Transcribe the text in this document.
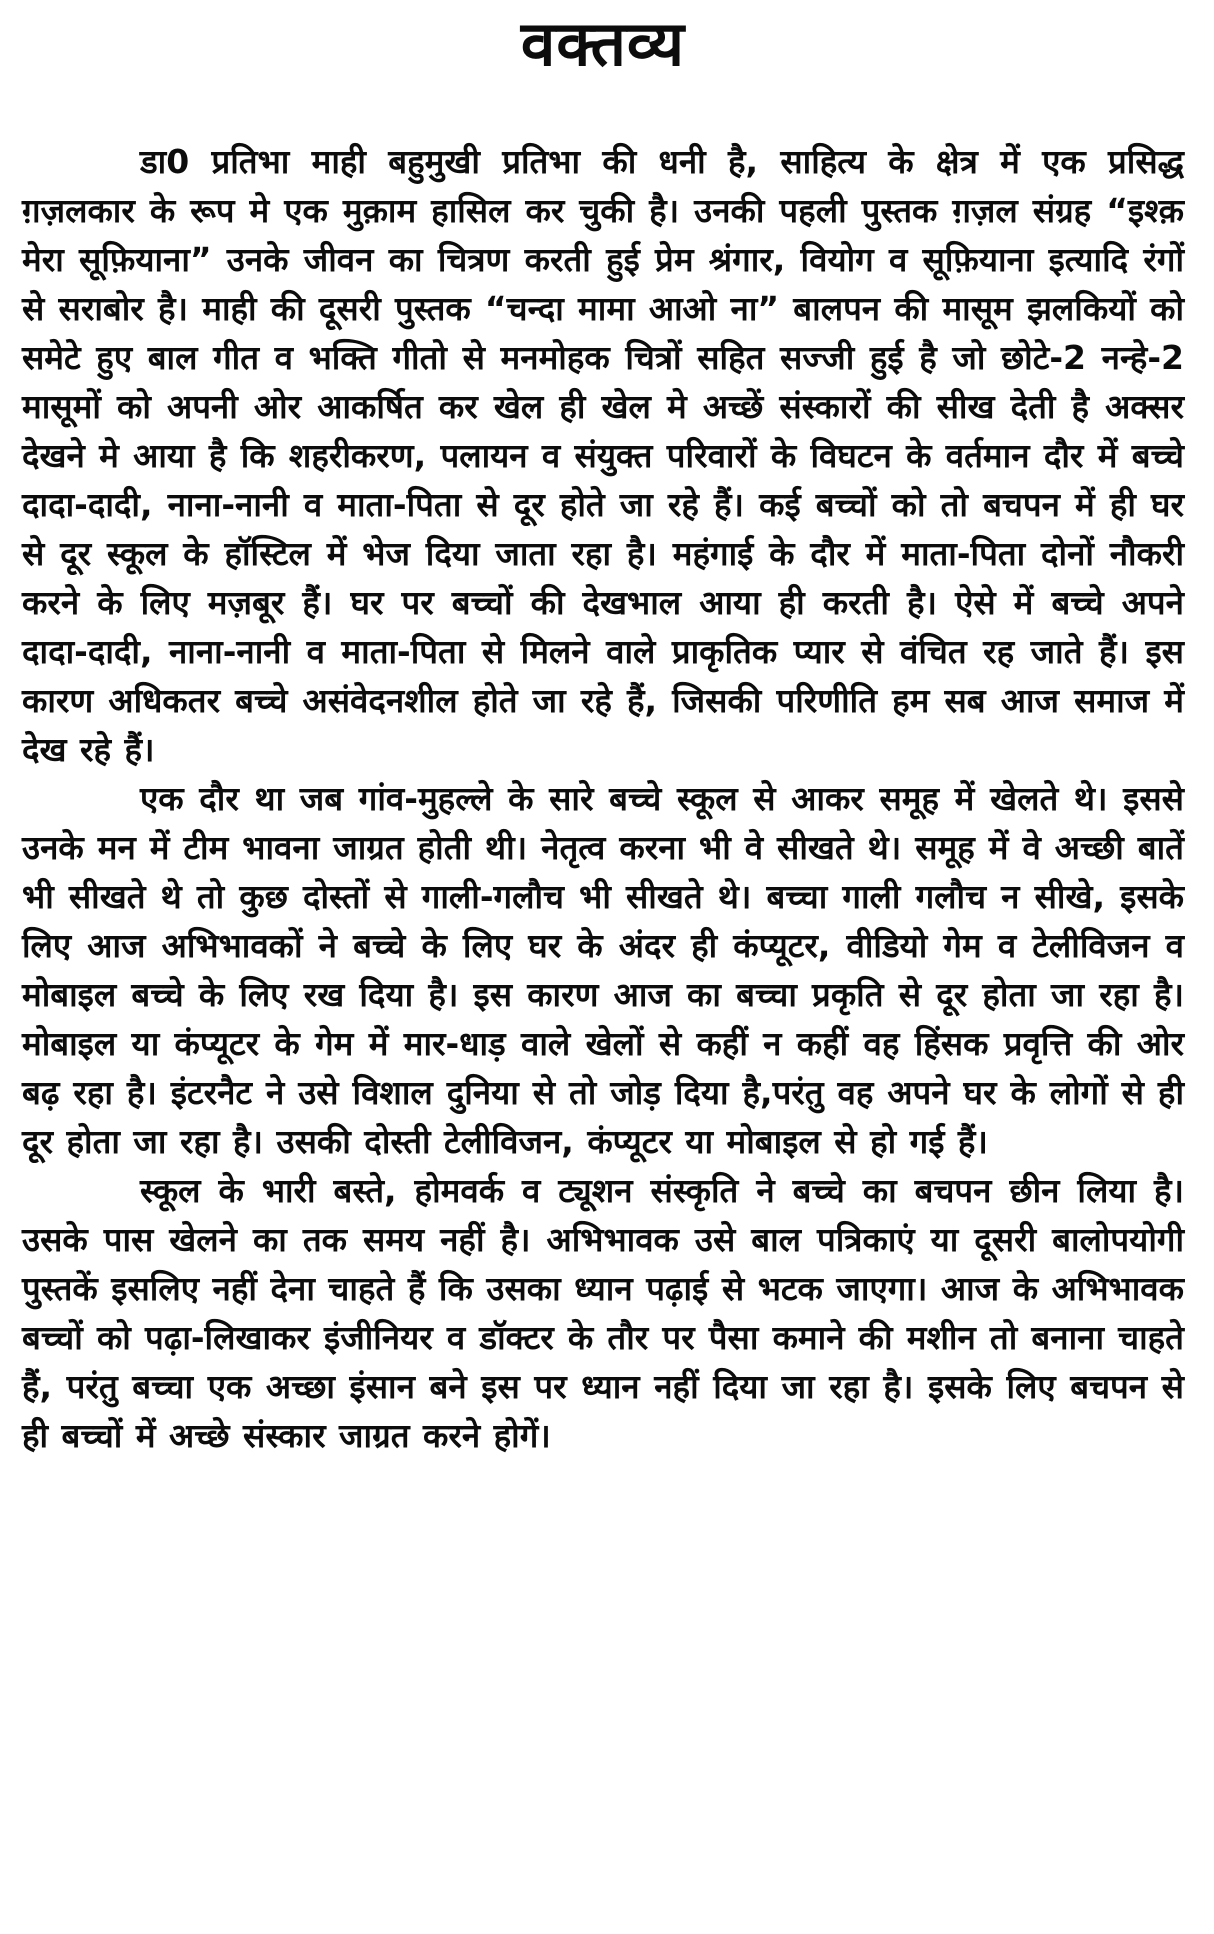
वक्तव्य

डा0 प्रतिभा माही बहुमुखी प्रतिभा की धनी है, साहित्य के क्षेत्र में एक प्रसिद्ध ग़ज़लकार के रूप मे एक मुक़ाम हासिल कर चुकी है। उनकी पहली पुस्तक ग़ज़ल संग्रह “इश्क़ मेरा सूफ़ियाना” उनके जीवन का चित्रण करती हुई प्रेम श्रंगार, वियोग व सूफ़ियाना इत्यादि रंगों से सराबोर है। माही की दूसरी पुस्तक “चन्दा मामा आओ ना” बालपन की मासूम झलकियों को समेटे हुए बाल गीत व भक्ति गीतो से मनमोहक चित्रों सहित सज्जी हुई है जो छोटे-2 नन्हे-2 मासूमों को अपनी ओर आकर्षित कर खेल ही खेल मे अच्छें संस्कारों की सीख देती है अक्सर देखने मे आया है कि शहरीकरण, पलायन व संयुक्त परिवारों के विघटन के वर्तमान दौर में बच्चे दादा-दादी, नाना-नानी व माता-पिता से दूर होते जा रहे हैं। कई बच्चों को तो बचपन में ही घर से दूर स्कूल के हॉस्टिल में भेज दिया जाता रहा है। महंगाई के दौर में माता-पिता दोनों नौकरी करने के लिए मज़बूर हैं। घर पर बच्चों की देखभाल आया ही करती है। ऐसे में बच्चे अपने दादा-दादी, नाना-नानी व माता-पिता से मिलने वाले प्राकृतिक प्यार से वंचित रह जाते हैं। इस कारण अधिकतर बच्चे असंवेदनशील होते जा रहे हैं, जिसकी परिणीति हम सब आज समाज में देख रहे हैं।

एक दौर था जब गांव-मुहल्ले के सारे बच्चे स्कूल से आकर समूह में खेलते थे। इससे उनके मन में टीम भावना जाग्रत होती थी। नेतृत्व करना भी वे सीखते थे। समूह में वे अच्छी बातें भी सीखते थे तो कुछ दोस्तों से गाली-गलौच भी सीखते थे। बच्चा गाली गलौच न सीखे, इसके लिए आज अभिभावकों ने बच्चे के लिए घर के अंदर ही कंप्यूटर, वीडियो गेम व टेलीविजन व मोबाइल बच्चे के लिए रख दिया है। इस कारण आज का बच्चा प्रकृति से दूर होता जा रहा है। मोबाइल या कंप्यूटर के गेम में मार-धाड़ वाले खेलों से कहीं न कहीं वह हिंसक प्रवृत्ति की ओर बढ़ रहा है। इंटरनैट ने उसे विशाल दुनिया से तो जोड़ दिया है,परंतु वह अपने घर के लोगों से ही दूर होता जा रहा है। उसकी दोस्ती टेलीविजन, कंप्यूटर या मोबाइल से हो गई हैं।

स्कूल के भारी बस्ते, होमवर्क व ट्यूशन संस्कृति ने बच्चे का बचपन छीन लिया है। उसके पास खेलने का तक समय नहीं है। अभिभावक उसे बाल पत्रिकाएं या दूसरी बालोपयोगी पुस्तकें इसलिए नहीं देना चाहते हैं कि उसका ध्यान पढ़ाई से भटक जाएगा। आज के अभिभावक बच्चों को पढ़ा-लिखाकर इंजीनियर व डॉक्टर के तौर पर पैसा कमाने की मशीन तो बनाना चाहते हैं, परंतु बच्चा एक अच्छा इंसान बने इस पर ध्यान नहीं दिया जा रहा है। इसके लिए बचपन से ही बच्चों में अच्छे संस्कार जाग्रत करने होगें।
